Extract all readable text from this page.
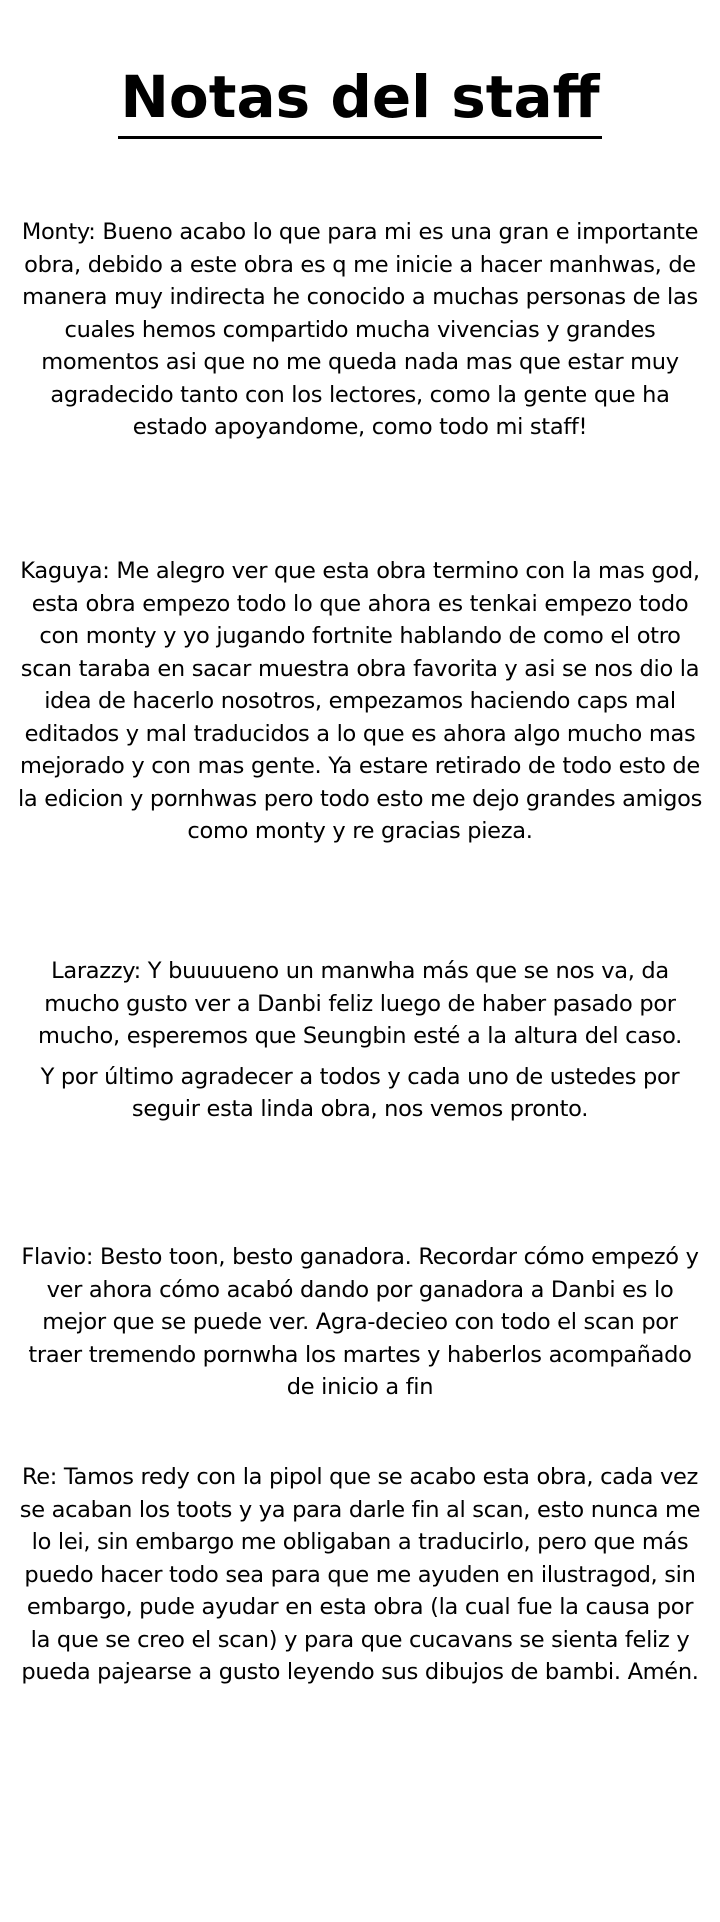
Notas del staff

Monty: Bueno acabo lo que para mi es una gran e importante obra, debido a este obra es q me inicie a hacer manhwas, de manera muy indirecta he conocido a muchas personas de las cuales hemos compartido mucha vivencias y grandes momentos asi que no me queda nada mas que estar muy agradecido tanto con los lectores, como la gente que ha estado apoyandome, como todo mi staff!

Kaguya: Me alegro ver que esta obra termino con la mas god, esta obra empezo todo lo que ahora es tenkai empezo todo con monty y yo jugando fortnite hablando de como el otro scan taraba en sacar muestra obra favorita y asi se nos dio la idea de hacerlo nosotros, empezamos haciendo caps mal editados y mal traducidos a lo que es ahora algo mucho mas mejorado y con mas gente. Ya estare retirado de todo esto de la edicion y pornhwas pero todo esto me dejo grandes amigos como monty y re gracias pieza.

Larazzy: Y buuuueno un manwha más que se nos va, da mucho gusto ver a Danbi feliz luego de haber pasado por mucho, esperemos que Seungbin esté a la altura del caso.

Y por último agradecer a todos y cada uno de ustedes por seguir esta linda obra, nos vemos pronto.

Flavio: Besto toon, besto ganadora. Recordar cómo empezó y ver ahora cómo acabó dando por ganadora a Danbi es lo mejor que se puede ver. Agra-decieo con todo el scan por traer tremendo pornwha los martes y haberlos acompañado de inicio a fin

Re: Tamos redy con la pipol que se acabo esta obra, cada vez se acaban los toots y ya para darle fin al scan, esto nunca me lo lei, sin embargo me obligaban a traducirlo, pero que más puedo hacer todo sea para que me ayuden en ilustragod, sin embargo, pude ayudar en esta obra (la cual fue la causa por la que se creo el scan) y para que cucavans se sienta feliz y pueda pajearse a gusto leyendo sus dibujos de bambi. Amén.
